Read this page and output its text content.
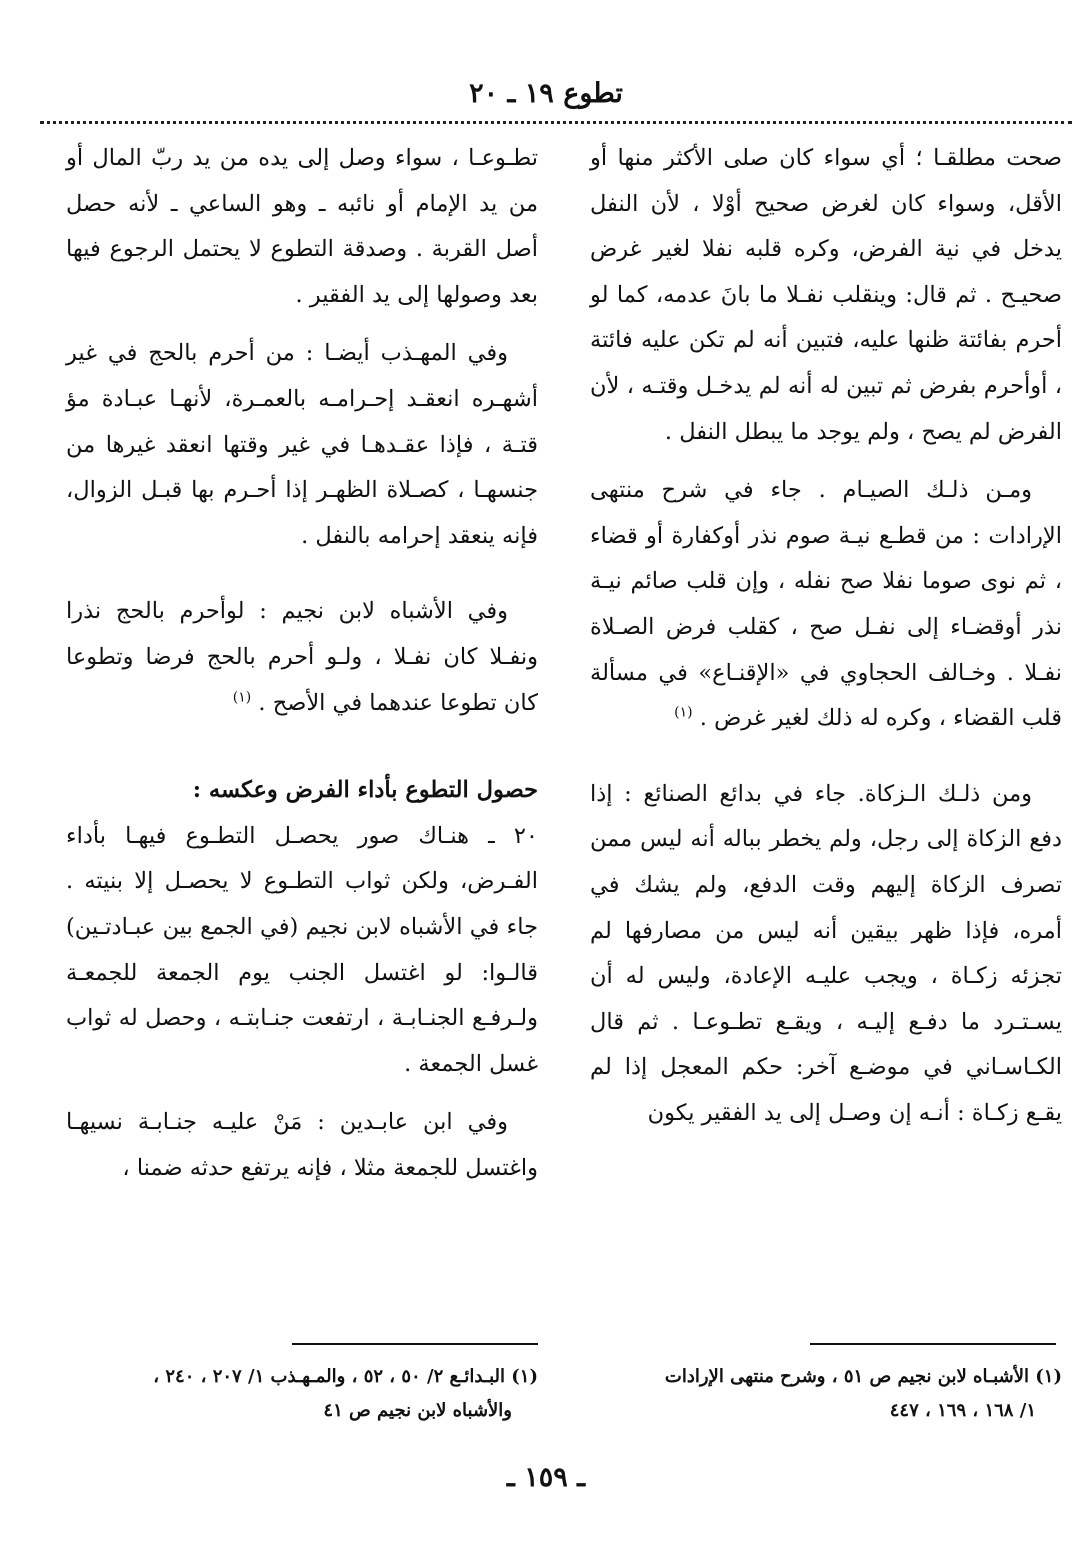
تطوع ١٩ ـ ٢٠

صحت مطلقـا ؛ أي سواء كان صلى الأكثر منها أو الأقل، وسواء كان لغرض صحيح أوْلا ، لأن النفل يدخل في نية الفرض، وكره قلبه نفلا لغير غرض صحيـح . ثم قال: وينقلب نفـلا ما بانَ عدمه، كما لو أحرم بفائتة ظنها عليه، فتبين أنه لم تكن عليه فائتة ، أوأحرم بفرض ثم تبين له أنه لم يدخـل وقتـه ، لأن الفرض لم يصح ، ولم يوجد ما يبطل النفل .

ومـن ذلـك الصيـام . جاء في شرح منتهى الإرادات : من قطـع نيـة صوم نذر أوكفارة أو قضاء ، ثم نوى صوما نفلا صح نفله ، وإن قلب صائم نيـة نذر أوقضـاء إلى نفـل صح ، كقلب فرض الصـلاة نفـلا . وخـالف الحجاوي في «الإقنـاع» في مسألة قلب القضاء ، وكره له ذلك لغير غرض . $^{(١)}$

ومن ذلـك الـزكاة. جاء في بدائع الصنائع : إذا دفع الزكاة إلى رجل، ولم يخطر بباله أنه ليس ممن تصرف الزكاة إليهم وقت الدفع، ولم يشك في أمره، فإذا ظهر بيقين أنه ليس من مصارفها لم تجزئه زكـاة ، ويجب عليـه الإعادة، وليس له أن يسـتـرد ما دفـع إليـه ، ويقـع تطـوعـا . ثم قال الكـاسـاني في موضـع آخر: حكم المعجل إذا لم يقـع زكـاة : أنـه إن وصـل إلى يد الفقير يكون

تطـوعـا ، سواء وصل إلى يده من يد ربّ المال أو من يد الإمام أو نائبه ـ وهو الساعي ـ لأنه حصل أصل القربة . وصدقة التطوع لا يحتمل الرجوع فيها بعد وصولها إلى يد الفقير .

وفي المهـذب أيضـا : من أحرم بالحج في غير أشهـره انعقـد إحـرامـه بالعمـرة، لأنهـا عبـادة مؤ قتـة ، فإذا عقـدهـا في غير وقتها انعقد غيرها من جنسهـا ، كصـلاة الظهـر إذا أحـرم بها قبـل الزوال، فإنه ينعقد إحرامه بالنفل .

وفي الأشباه لابن نجيم : لوأحرم بالحج نذرا ونفـلا كان نفـلا ، ولـو أحرم بالحج فرضا وتطوعا كان تطوعا عندهما في الأصح . $^{(١)}$

حصول التطوع بأداء الفرض وعكسه :

٢٠ ـ هنـاك صور يحصـل التطـوع فيهـا بأداء الفـرض، ولكن ثواب التطـوع لا يحصـل إلا بنيته . جاء في الأشباه لابن نجيم (في الجمع بين عبـادتـين) قالـوا: لو اغتسل الجنب يوم الجمعة للجمعـة ولـرفـع الجنـابـة ، ارتفعت جنـابتـه ، وحصل له ثواب غسل الجمعة .

وفي ابن عابـدين : مَنْ عليـه جنـابـة نسيهـا واغتسل للجمعة مثلا ، فإنه يرتفع حدثه ضمنا ،

(١) الأشبـاه لابن نجيم ص ٥١ ، وشرح منتهى الإرادات
١/ ١٦٨ ، ١٦٩ ، ٤٤٧
(١) البـدائـع ٢/ ٥٠ ، ٥٢ ، والمـهـذب ١/ ٢٠٧ ، ٢٤٠ ،
والأشباه لابن نجيم ص ٤١
ـ ١٥٩ ـ
